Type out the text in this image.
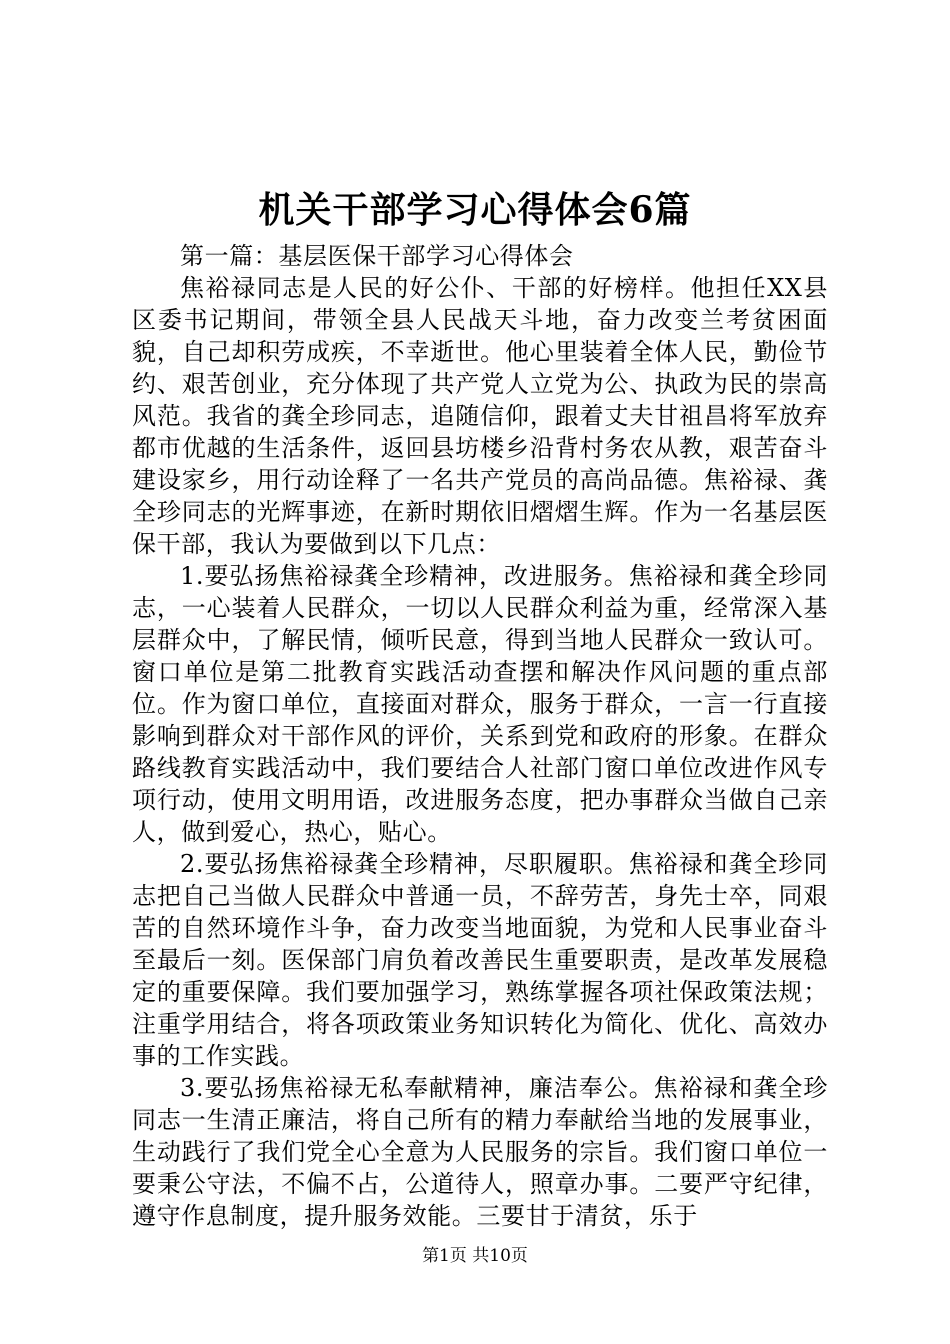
机关干部学习心得体会6篇

第一篇：基层医保干部学习心得体会

焦裕禄同志是人民的好公仆、干部的好榜样。他担任XX县区委书记期间，带领全县人民战天斗地，奋力改变兰考贫困面貌，自己却积劳成疾，不幸逝世。他心里装着全体人民，勤俭节约、艰苦创业，充分体现了共产党人立党为公、执政为民的崇高风范。我省的龚全珍同志，追随信仰，跟着丈夫甘祖昌将军放弃都市优越的生活条件，返回县坊楼乡沿背村务农从教，艰苦奋斗建设家乡，用行动诠释了一名共产党员的高尚品德。焦裕禄、龚全珍同志的光辉事迹，在新时期依旧熠熠生辉。作为一名基层医保干部，我认为要做到以下几点：

1.要弘扬焦裕禄龚全珍精神，改进服务。焦裕禄和龚全珍同志，一心装着人民群众，一切以人民群众利益为重，经常深入基层群众中，了解民情，倾听民意，得到当地人民群众一致认可。窗口单位是第二批教育实践活动查摆和解决作风问题的重点部位。作为窗口单位，直接面对群众，服务于群众，一言一行直接影响到群众对干部作风的评价，关系到党和政府的形象。在群众路线教育实践活动中，我们要结合人社部门窗口单位改进作风专项行动，使用文明用语，改进服务态度，把办事群众当做自己亲人，做到爱心，热心，贴心。

2.要弘扬焦裕禄龚全珍精神，尽职履职。焦裕禄和龚全珍同志把自己当做人民群众中普通一员，不辞劳苦，身先士卒，同艰苦的自然环境作斗争，奋力改变当地面貌，为党和人民事业奋斗至最后一刻。医保部门肩负着改善民生重要职责，是改革发展稳定的重要保障。我们要加强学习，熟练掌握各项社保政策法规；注重学用结合，将各项政策业务知识转化为简化、优化、高效办事的工作实践。

3.要弘扬焦裕禄无私奉献精神，廉洁奉公。焦裕禄和龚全珍同志一生清正廉洁，将自己所有的精力奉献给当地的发展事业，生动践行了我们党全心全意为人民服务的宗旨。我们窗口单位一要秉公守法，不偏不占，公道待人，照章办事。二要严守纪律，遵守作息制度，提升服务效能。三要甘于清贫，乐于

第1页 共10页
